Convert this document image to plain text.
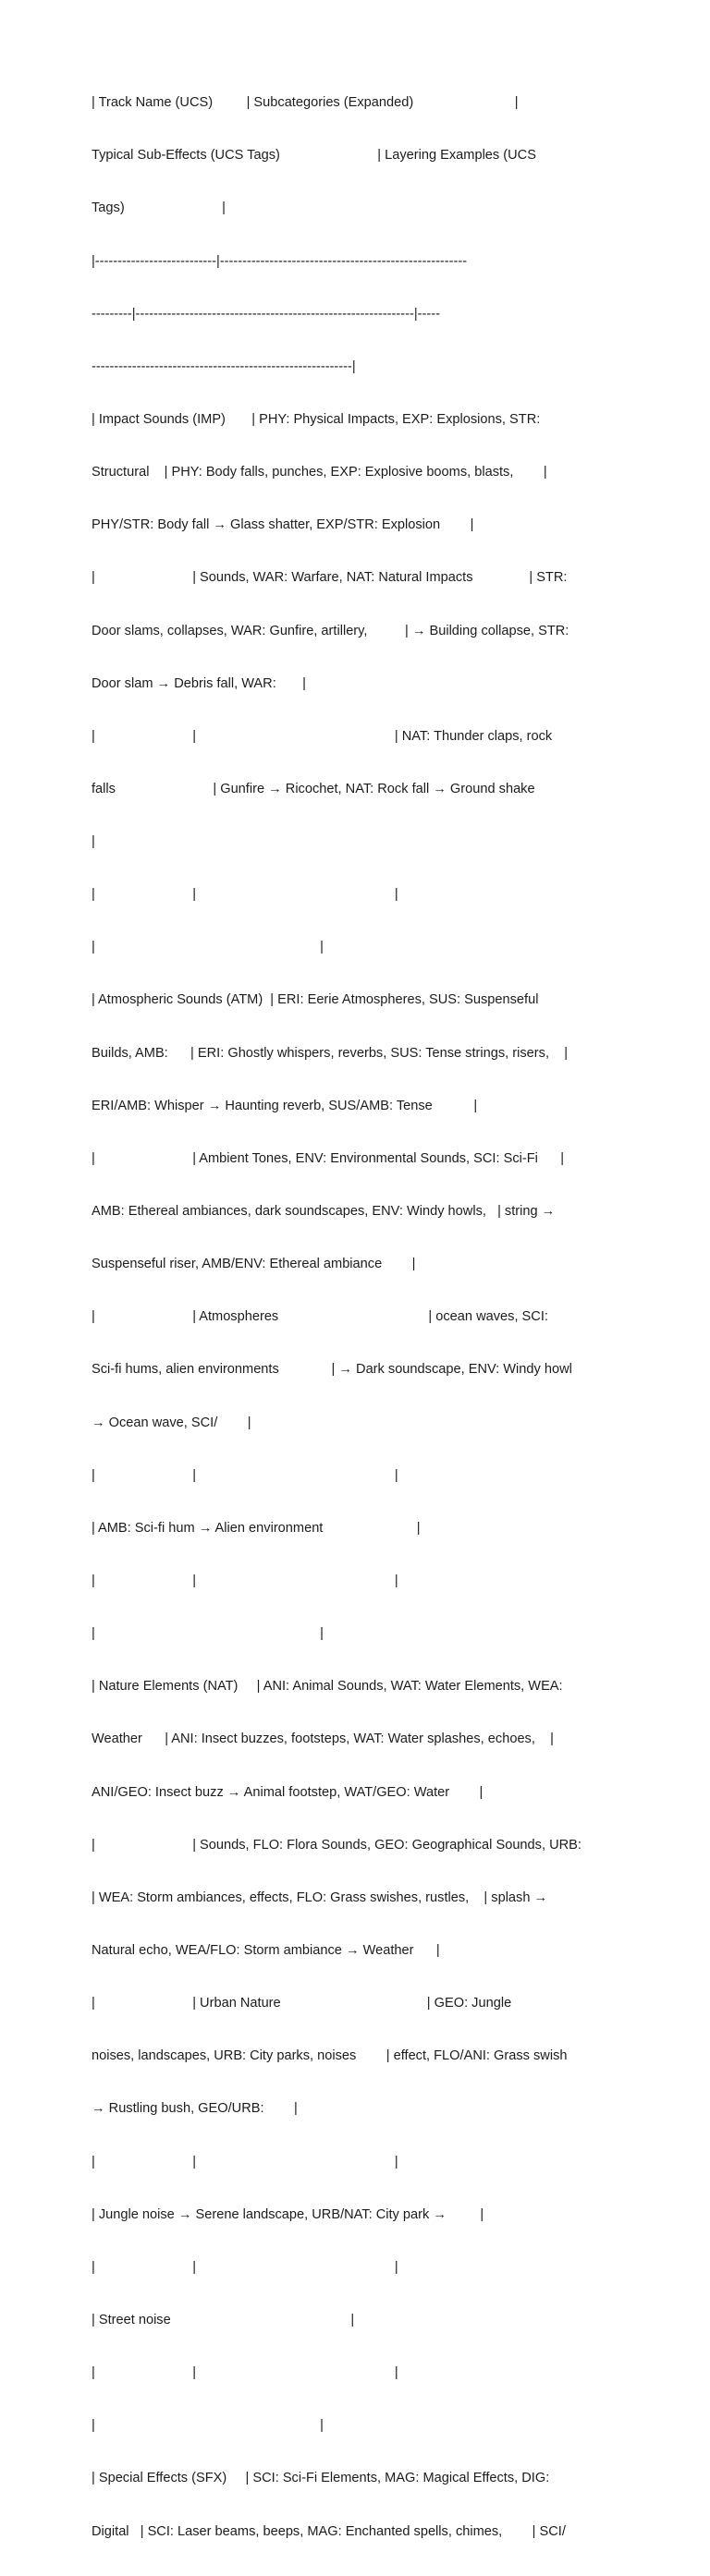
| Track Name (UCS)         | Subcategories (Expanded)                           |

Typical Sub-Effects (UCS Tags)                          | Layering Examples (UCS

Tags)                          |

|---------------------------|-------------------------------------------------------

---------|--------------------------------------------------------------|-----

----------------------------------------------------------|

| Impact Sounds (IMP)       | PHY: Physical Impacts, EXP: Explosions, STR:

Structural    | PHY: Body falls, punches, EXP: Explosive booms, blasts,        |

PHY/STR: Body fall → Glass shatter, EXP/STR: Explosion        |

|                          | Sounds, WAR: Warfare, NAT: Natural Impacts               | STR:

Door slams, collapses, WAR: Gunfire, artillery,          | → Building collapse, STR:

Door slam → Debris fall, WAR:       |

|                          |                                                     | NAT: Thunder claps, rock

falls                          | Gunfire → Ricochet, NAT: Rock fall → Ground shake

|

|                          |                                                     |

|                                                            |

| Atmospheric Sounds (ATM)  | ERI: Eerie Atmospheres, SUS: Suspenseful

Builds, AMB:      | ERI: Ghostly whispers, reverbs, SUS: Tense strings, risers,    |

ERI/AMB: Whisper → Haunting reverb, SUS/AMB: Tense           |

|                          | Ambient Tones, ENV: Environmental Sounds, SCI: Sci-Fi      |

AMB: Ethereal ambiances, dark soundscapes, ENV: Windy howls,   | string →

Suspenseful riser, AMB/ENV: Ethereal ambiance        |

|                          | Atmospheres                                        | ocean waves, SCI:

Sci-fi hums, alien environments              | → Dark soundscape, ENV: Windy howl

→ Ocean wave, SCI/        |

|                          |                                                     |

| AMB: Sci-fi hum → Alien environment                         |

|                          |                                                     |

|                                                            |

| Nature Elements (NAT)     | ANI: Animal Sounds, WAT: Water Elements, WEA:

Weather      | ANI: Insect buzzes, footsteps, WAT: Water splashes, echoes,    |

ANI/GEO: Insect buzz → Animal footstep, WAT/GEO: Water        |

|                          | Sounds, FLO: Flora Sounds, GEO: Geographical Sounds, URB:

| WEA: Storm ambiances, effects, FLO: Grass swishes, rustles,    | splash →

Natural echo, WEA/FLO: Storm ambiance → Weather      |

|                          | Urban Nature                                       | GEO: Jungle

noises, landscapes, URB: City parks, noises        | effect, FLO/ANI: Grass swish

→ Rustling bush, GEO/URB:        |

|                          |                                                     |

| Jungle noise → Serene landscape, URB/NAT: City park →         |

|                          |                                                     |

| Street noise                                                |

|                          |                                                     |

|                                                            |

| Special Effects (SFX)     | SCI: Sci-Fi Elements, MAG: Magical Effects, DIG:

Digital   | SCI: Laser beams, beeps, MAG: Enchanted spells, chimes,        | SCI/
